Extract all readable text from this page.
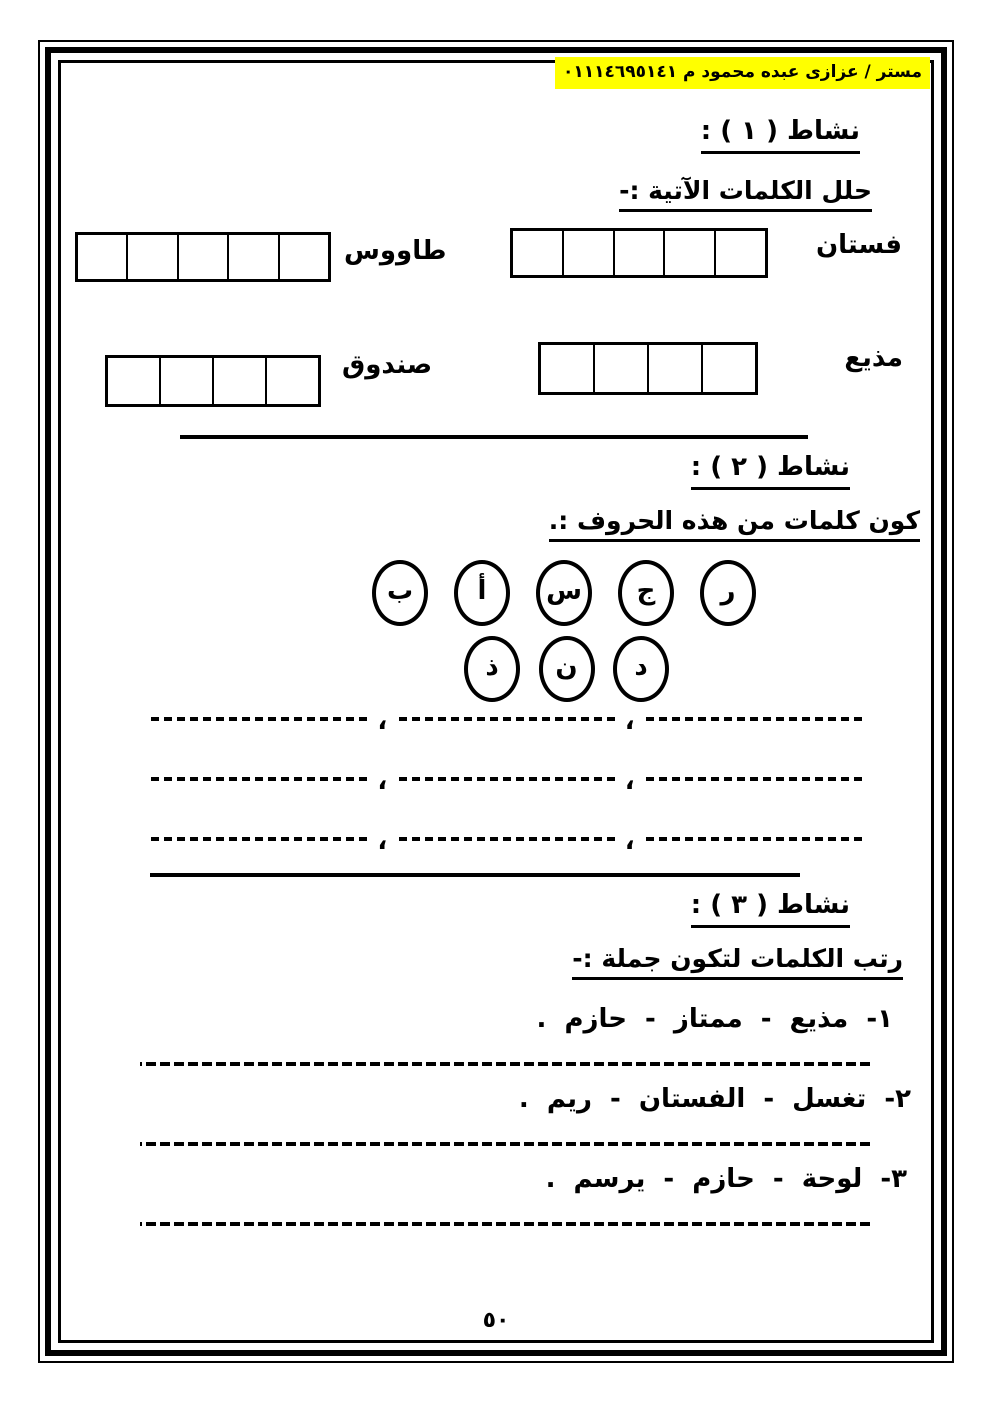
مستر / عزازى عبده محمود م ٠١١١٤٦٩٥١٤١
نشاط ( ١ ) :
حلل الكلمات الآتية :-
فستان
طاووس
مذيع
صندوق
نشاط ( ٢ ) :
كون كلمات من هذه الحروف :.
ر
ج
س
أ
ب
د
ن
ذ
،
،
،
،
،
،
نشاط ( ٣ ) :
رتب الكلمات لتكون جملة :-
١- مذيع - ممتاز - حازم .
٢- تغسل - الفستان - ريم .
٣- لوحة - حازم - يرسم .
٥٠
